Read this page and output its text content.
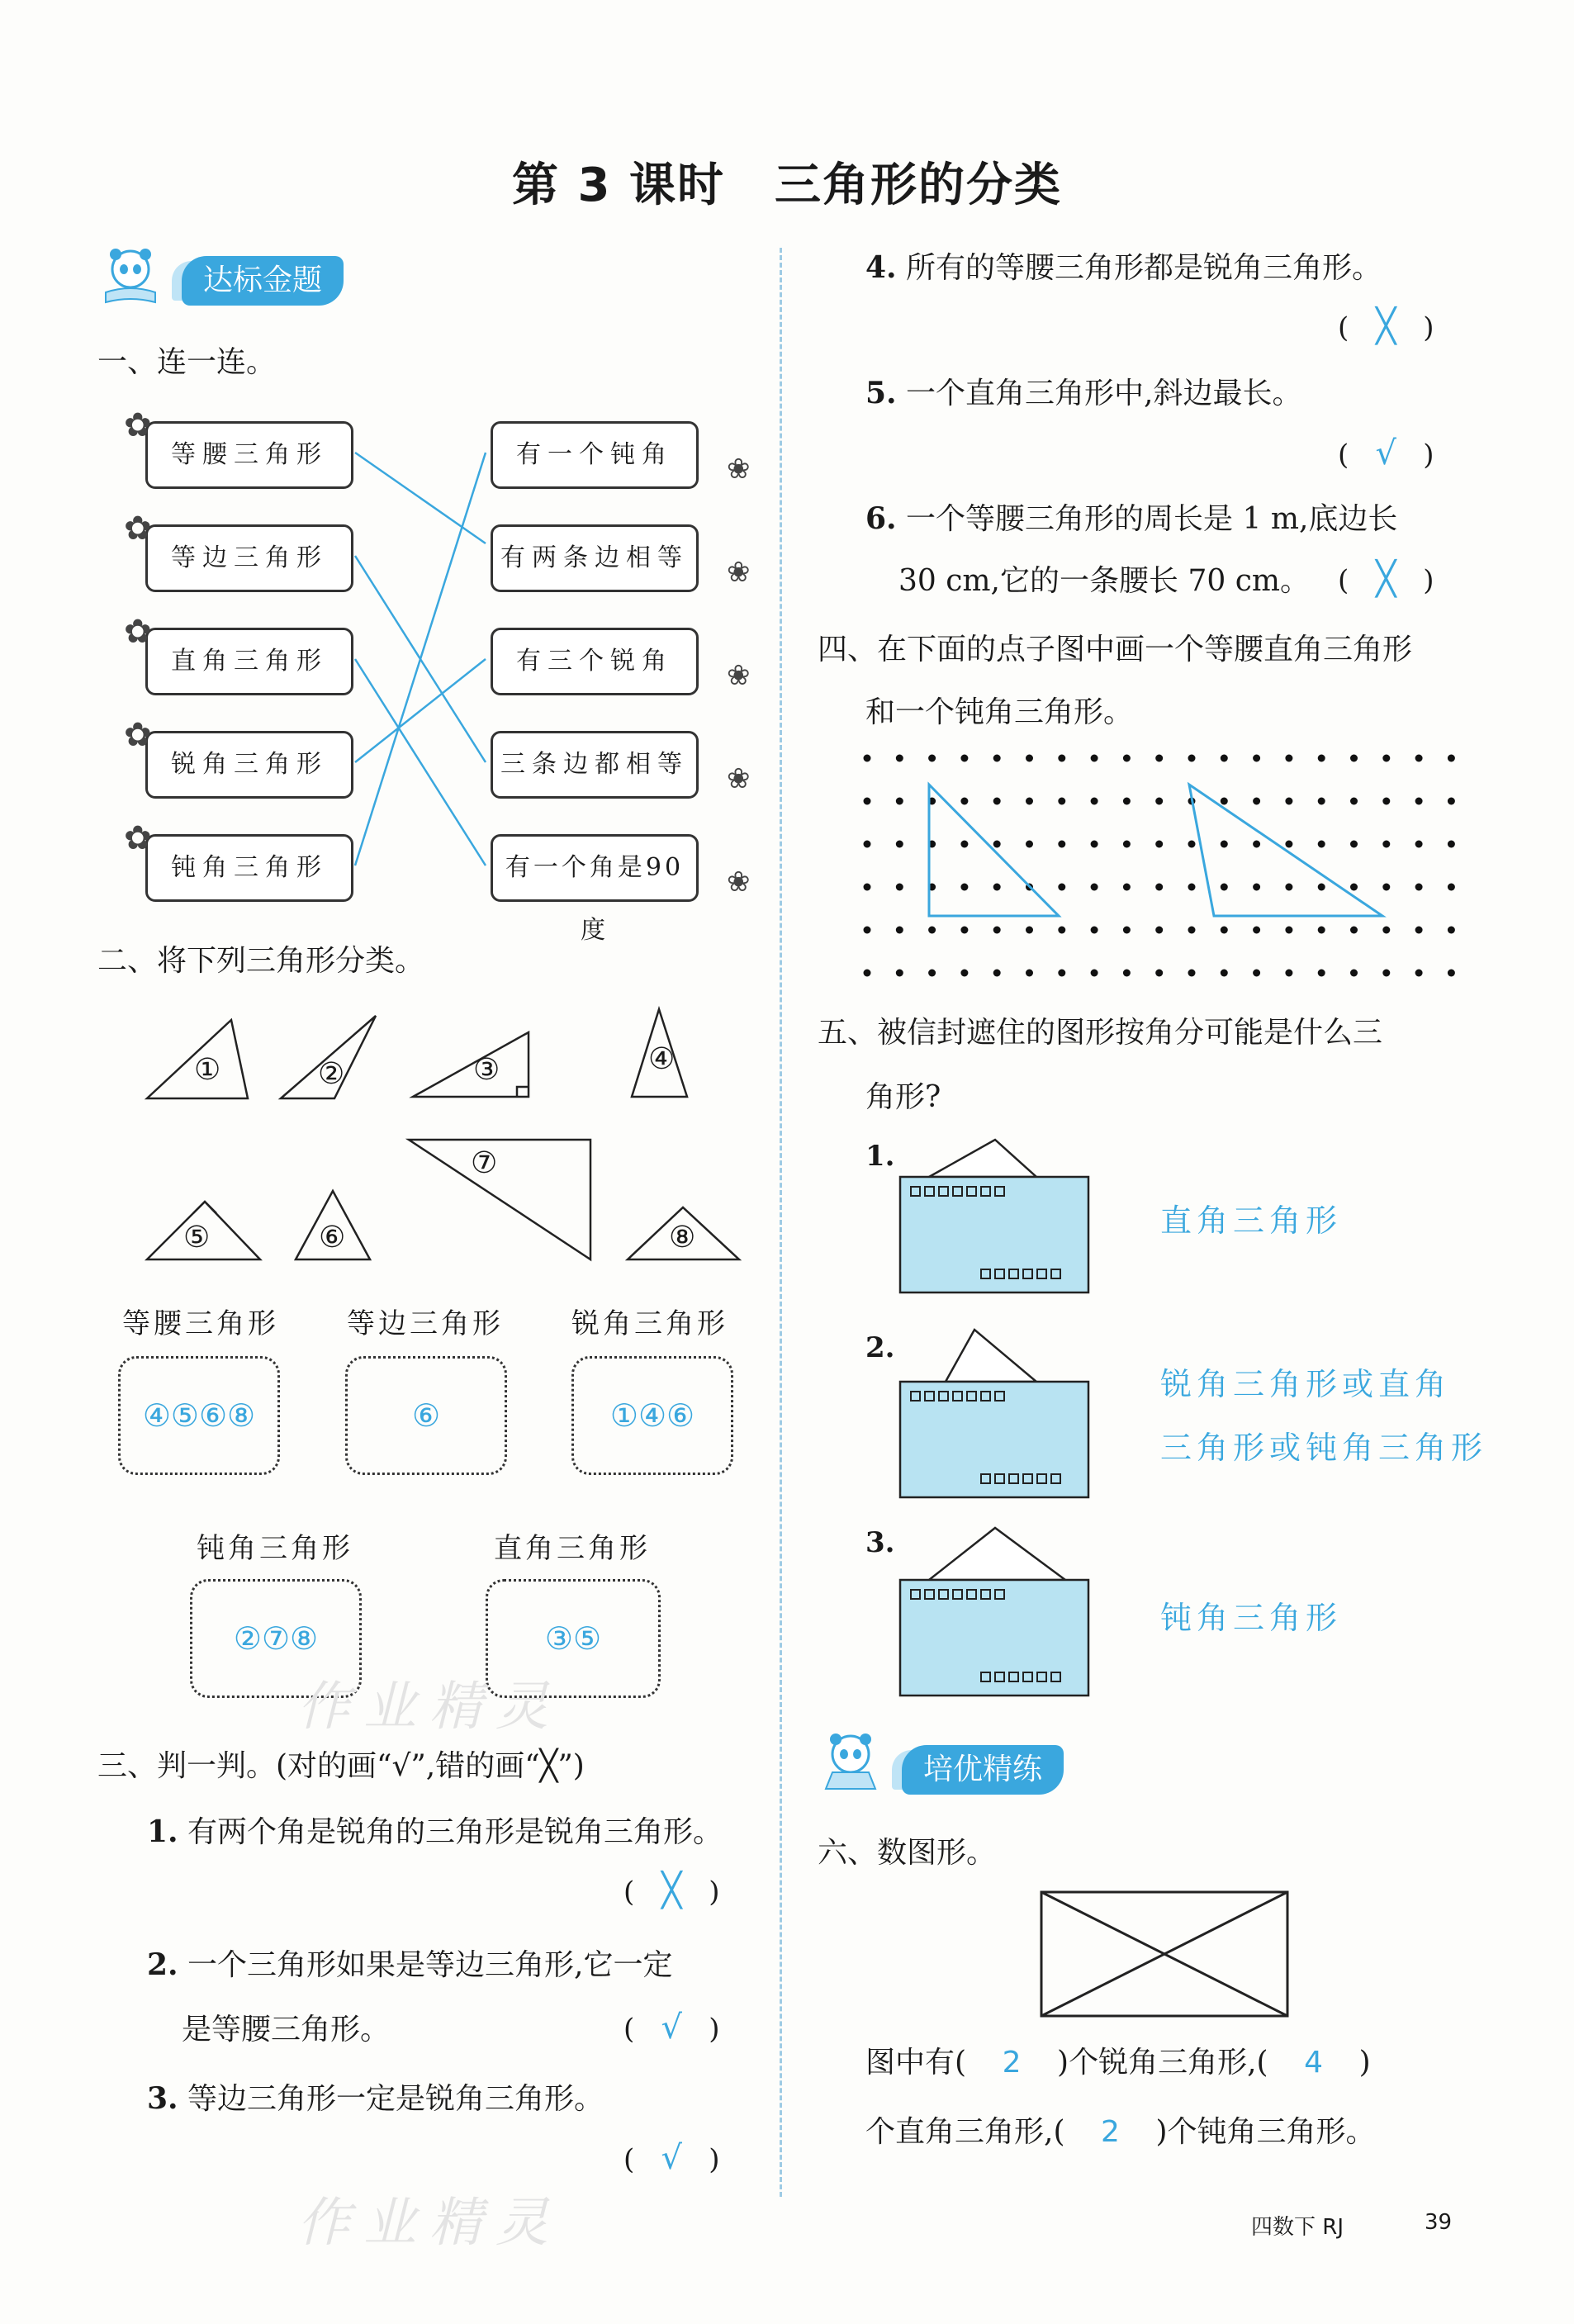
第 3 课时 三角形的分类
达标金题
一、连一连。
等腰三角形
等边三角形
直角三角形
锐角三角形
钝角三角形
✿
✿
✿
✿
✿
有一个钝角
有两条边相等
有三个锐角
三条边都相等
有一个角是90度
❀
❀
❀
❀
❀
二、将下列三角形分类。
①	②	③	④
⑦
⑤	⑥	⑧
等腰三角形
④⑤⑥⑧
等边三角形
⑥
锐角三角形
①④⑥
钝角三角形
②⑦⑧
直角三角形
③⑤
三、判一判。(对的画“√”,错的画“╳”)
1. 有两个角是锐角的三角形是锐角三角形。
( ╳ )
2. 一个三角形如果是等边三角形,它一定
是等腰三角形。	( √ )
3. 等边三角形一定是锐角三角形。
( √ )
作业精灵
作业精灵
4. 所有的等腰三角形都是锐角三角形。
( ╳ )
5. 一个直角三角形中,斜边最长。
( √ )
6. 一个等腰三角形的周长是 1 m,底边长
30 cm,它的一条腰长 70 cm。 ( ╳ )
四、在下面的点子图中画一个等腰直角三角形
和一个钝角三角形。
五、被信封遮住的图形按角分可能是什么三
角形?
1.
直角三角形
2.
锐角三角形或直角
三角形或钝角三角形
3.
钝角三角形
培优精练
六、数图形。
图中有( 2 )个锐角三角形,( 4 )
个直角三角形,( 2 )个钝角三角形。
四数下 RJ	39
